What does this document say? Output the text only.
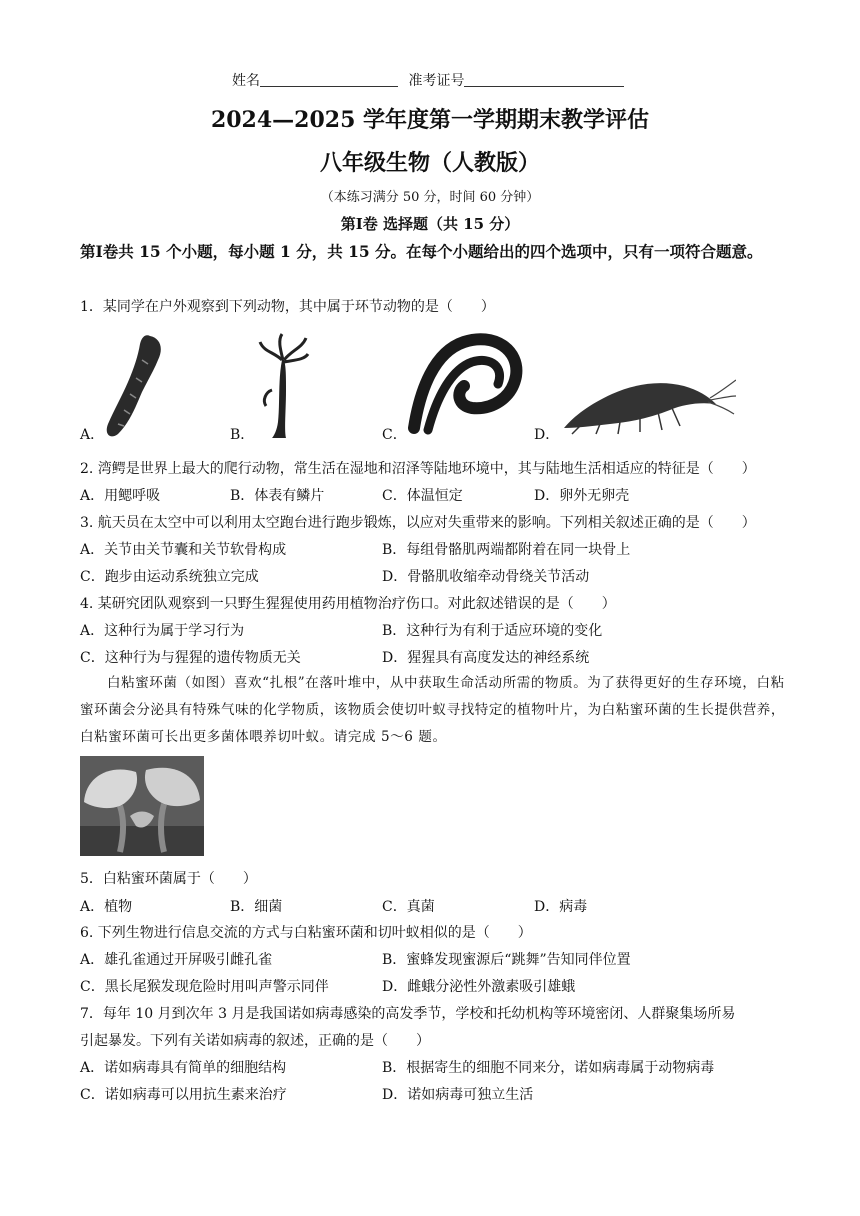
姓名	准考证号
2024—2025 学年度第一学期期末教学评估
八年级生物（人教版）
（本练习满分 50 分，时间 60 分钟）
第Ⅰ卷 选择题（共 15 分）
第Ⅰ卷共 15 个小题，每小题 1 分，共 15 分。在每个小题给出的四个选项中，只有一项符合题意。
1．某同学在户外观察到下列动物，其中属于环节动物的是（　　）
A．	B．	C．	D．
2. 湾鳄是世界上最大的爬行动物，常生活在湿地和沼泽等陆地环境中，其与陆地生活相适应的特征是（　　）
A．用鳃呼吸	B．体表有鳞片	C．体温恒定	D．卵外无卵壳
3. 航天员在太空中可以利用太空跑台进行跑步锻炼，以应对失重带来的影响。下列相关叙述正确的是（　　）
A．关节由关节囊和关节软骨构成	B．每组骨骼肌两端都附着在同一块骨上
C．跑步由运动系统独立完成	D．骨骼肌收缩牵动骨绕关节活动
4. 某研究团队观察到一只野生猩猩使用药用植物治疗伤口。对此叙述错误的是（　　）
A．这种行为属于学习行为	B．这种行为有利于适应环境的变化
C．这种行为与猩猩的遗传物质无关	D．猩猩具有高度发达的神经系统
白粘蜜环菌（如图）喜欢“扎根”在落叶堆中，从中获取生命活动所需的物质。为了获得更好的生存环境，白粘蜜环菌会分泌具有特殊气味的化学物质，该物质会使切叶蚁寻找特定的植物叶片，为白粘蜜环菌的生长提供营养，白粘蜜环菌可长出更多菌体喂养切叶蚁。请完成 5～6 题。
5．白粘蜜环菌属于（　　）
A．植物	B．细菌	C．真菌	D．病毒
6. 下列生物进行信息交流的方式与白粘蜜环菌和切叶蚁相似的是（　　）
A．雄孔雀通过开屏吸引雌孔雀	B．蜜蜂发现蜜源后“跳舞”告知同伴位置
C．黑长尾猴发现危险时用叫声警示同伴	D．雌蛾分泌性外激素吸引雄蛾
7．每年 10 月到次年 3 月是我国诺如病毒感染的高发季节，学校和托幼机构等环境密闭、人群聚集场所易
引起暴发。下列有关诺如病毒的叙述，正确的是（　　）
A．诺如病毒具有简单的细胞结构	B．根据寄生的细胞不同来分，诺如病毒属于动物病毒
C．诺如病毒可以用抗生素来治疗	D．诺如病毒可独立生活
